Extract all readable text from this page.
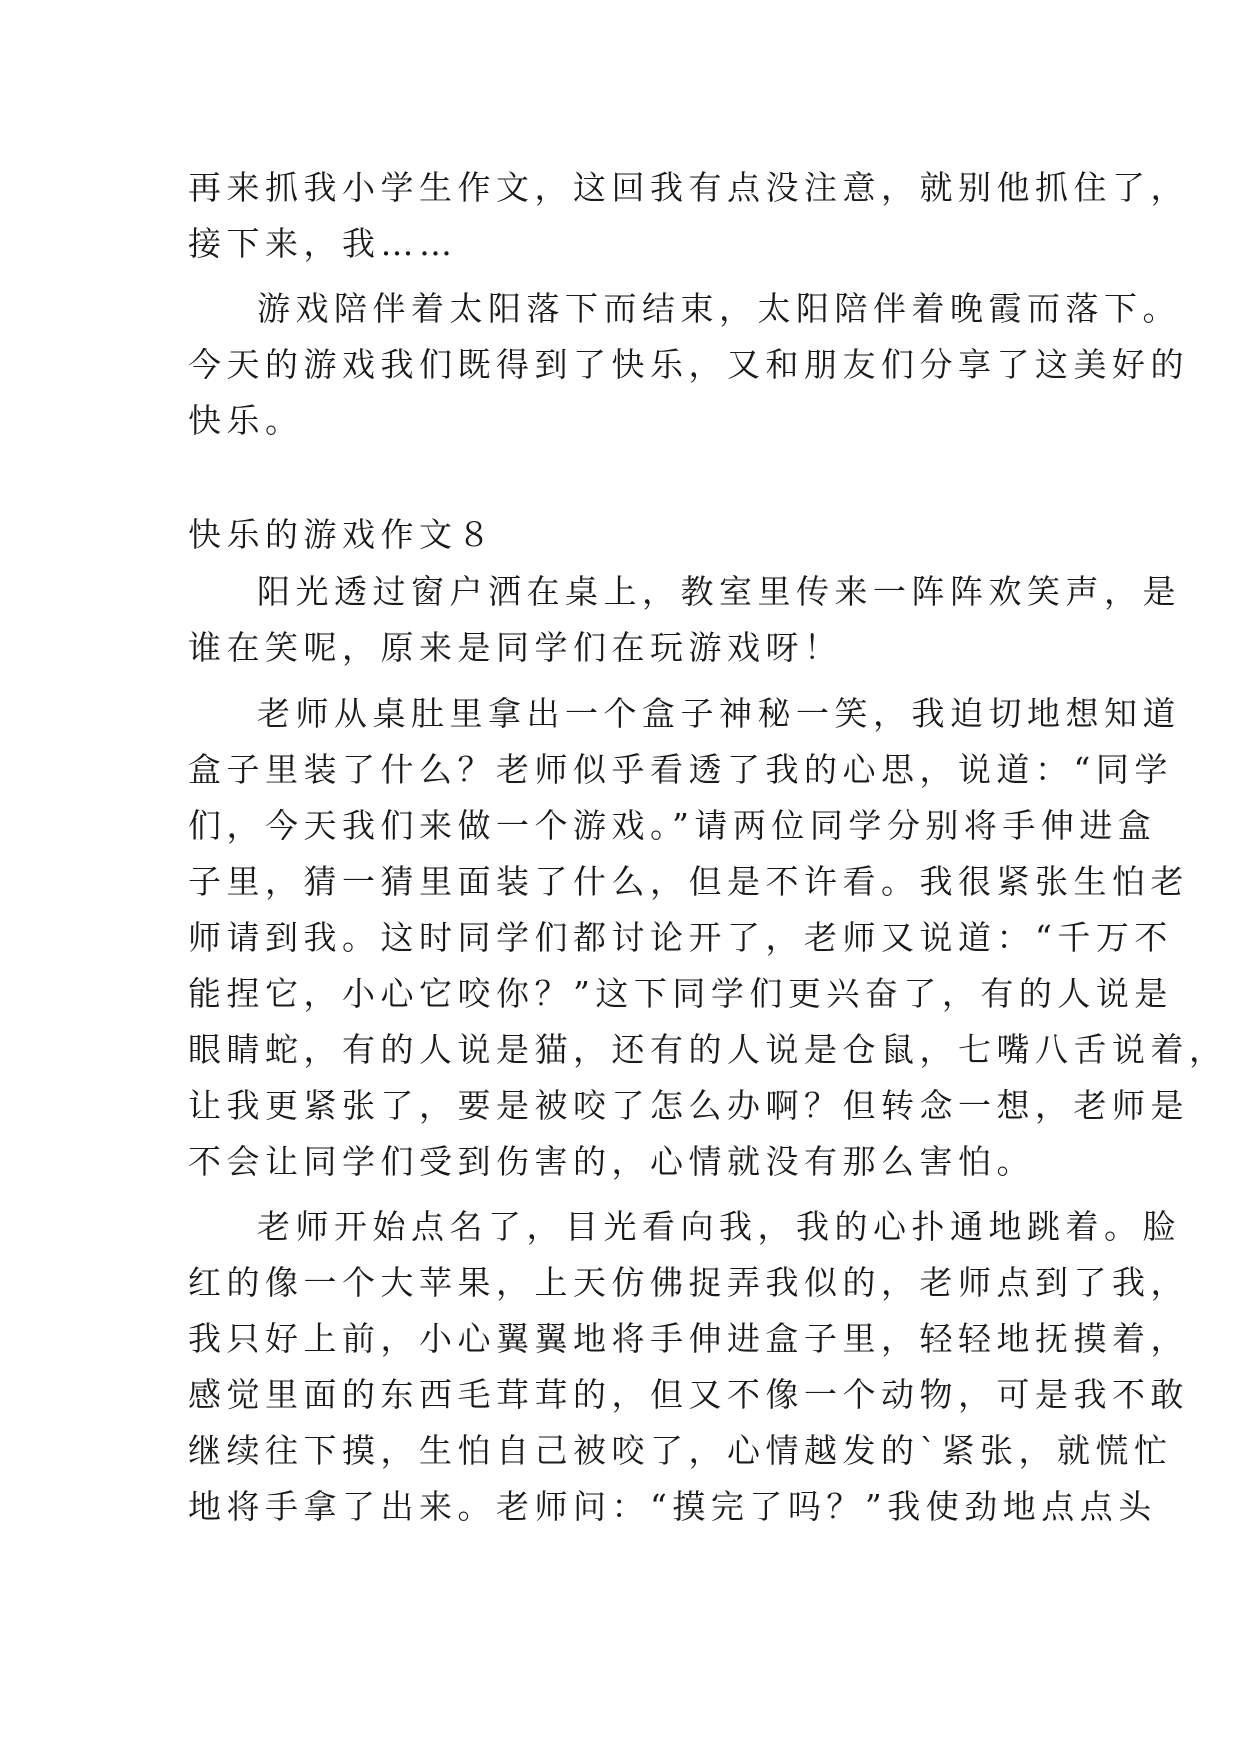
再来抓我小学生作文，这回我有点没注意，就别他抓住了，
接下来，我……
游戏陪伴着太阳落下而结束，太阳陪伴着晚霞而落下。
今天的游戏我们既得到了快乐，又和朋友们分享了这美好的
快乐。
快乐的游戏作文８
阳光透过窗户洒在桌上，教室里传来一阵阵欢笑声，是
谁在笑呢，原来是同学们在玩游戏呀！
老师从桌肚里拿出一个盒子神秘一笑，我迫切地想知道
盒子里装了什么？老师似乎看透了我的心思，说道：“同学
们，今天我们来做一个游戏。”请两位同学分别将手伸进盒
子里，猜一猜里面装了什么，但是不许看。我很紧张生怕老
师请到我。这时同学们都讨论开了，老师又说道：“千万不
能捏它，小心它咬你？”这下同学们更兴奋了，有的人说是
眼睛蛇，有的人说是猫，还有的人说是仓鼠，七嘴八舌说着，
让我更紧张了，要是被咬了怎么办啊？但转念一想，老师是
不会让同学们受到伤害的，心情就没有那么害怕。
老师开始点名了，目光看向我，我的心扑通地跳着。脸
红的像一个大苹果，上天仿佛捉弄我似的，老师点到了我，
我只好上前，小心翼翼地将手伸进盒子里，轻轻地抚摸着，
感觉里面的东西毛茸茸的，但又不像一个动物，可是我不敢
继续往下摸，生怕自己被咬了，心情越发的`紧张，就慌忙
地将手拿了出来。老师问：“摸完了吗？”我使劲地点点头
